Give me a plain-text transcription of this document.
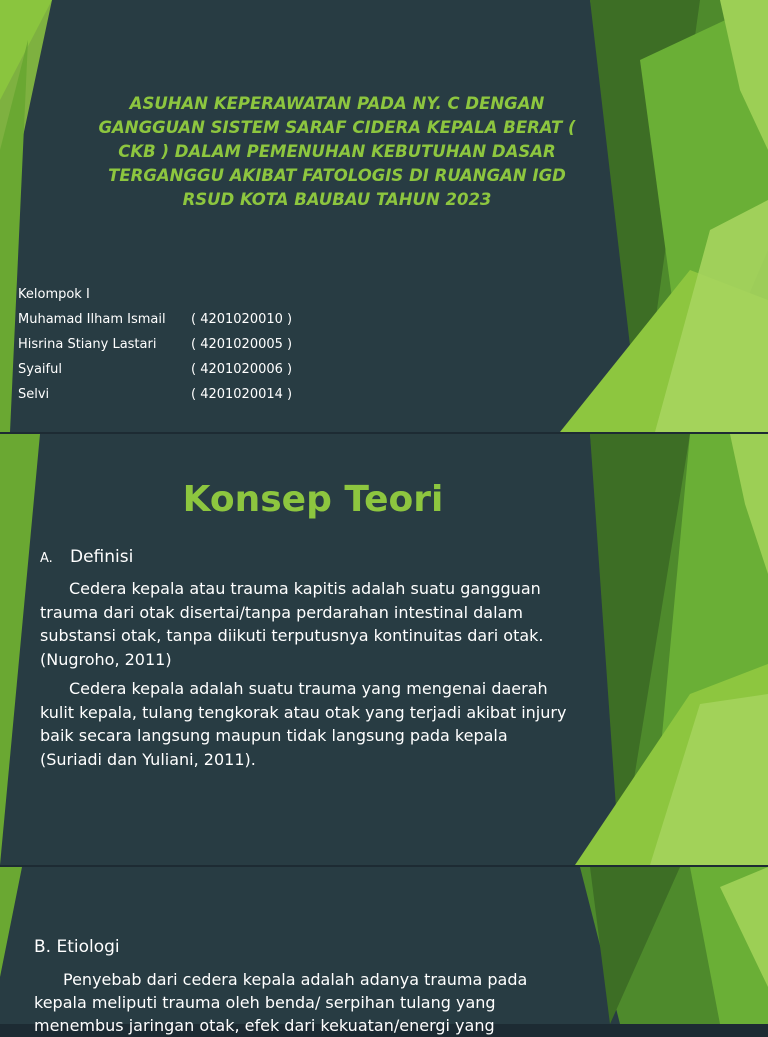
ASUHAN KEPERAWATAN PADA NY. C DENGAN GANGGUAN SISTEM SARAF CIDERA KEPALA BERAT ( CKB ) DALAM PEMENUHAN KEBUTUHAN DASAR TERGANGGU AKIBAT FATOLOGIS DI RUANGAN IGD RSUD KOTA BAUBAU TAHUN 2023
Kelompok I
Muhamad Ilham Ismail ( 4201020010 )
Hisrina Stiany Lastari	( 4201020005 )
Syaiful	( 4201020006 )
Selvi	( 4201020014 )
Konsep Teori
A. Definisi

Cedera kepala atau trauma kapitis adalah suatu gangguan trauma dari otak disertai/tanpa perdarahan intestinal dalam substansi otak, tanpa diikuti terputusnya kontinuitas dari otak.(Nugroho, 2011)

Cedera kepala adalah suatu trauma yang mengenai daerah kulit kepala, tulang tengkorak atau otak yang terjadi akibat injury baik secara langsung maupun tidak langsung pada kepala (Suriadi dan Yuliani, 2011).

B. Etiologi

Penyebab dari cedera kepala adalah adanya trauma pada kepala meliputi trauma oleh benda/ serpihan tulang yang menembus jaringan otak, efek dari kekuatan/energi yang
